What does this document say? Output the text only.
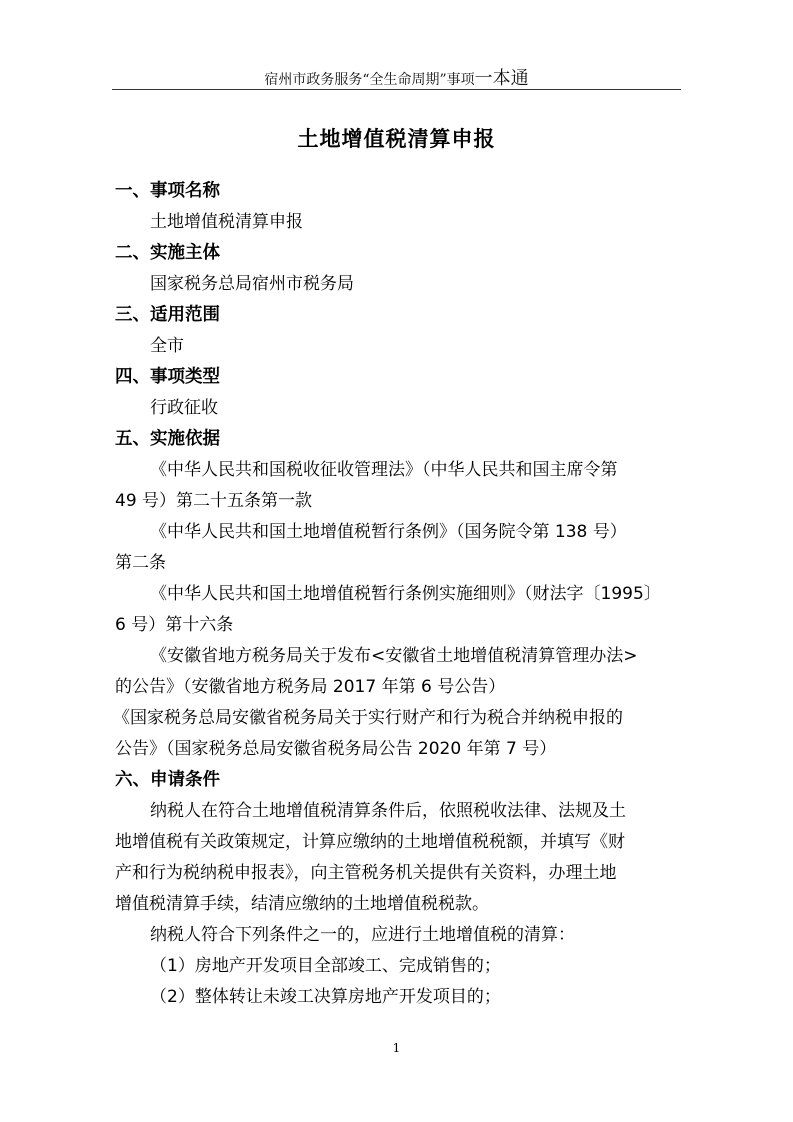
宿州市政务服务“全生命周期”事项一本通
土地增值税清算申报
一、事项名称
土地增值税清算申报
二、实施主体
国家税务总局宿州市税务局
三、适用范围
全市
四、事项类型
行政征收
五、实施依据
《中华人民共和国税收征收管理法》（中华人民共和国主席令第
49 号）第二十五条第一款
《中华人民共和国土地增值税暂行条例》（国务院令第 138 号）
第二条
《中华人民共和国土地增值税暂行条例实施细则》（财法字〔1995〕
6 号）第十六条
《安徽省地方税务局关于发布<安徽省土地增值税清算管理办法>
的公告》（安徽省地方税务局 2017 年第 6 号公告）
《国家税务总局安徽省税务局关于实行财产和行为税合并纳税申报的
公告》（国家税务总局安徽省税务局公告 2020 年第 7 号）
六、申请条件
纳税人在符合土地增值税清算条件后，依照税收法律、法规及土
地增值税有关政策规定，计算应缴纳的土地增值税税额，并填写《财
产和行为税纳税申报表》，向主管税务机关提供有关资料，办理土地
增值税清算手续，结清应缴纳的土地增值税税款。
纳税人符合下列条件之一的，应进行土地增值税的清算：
（1）房地产开发项目全部竣工、完成销售的；
（2）整体转让未竣工决算房地产开发项目的；
1
